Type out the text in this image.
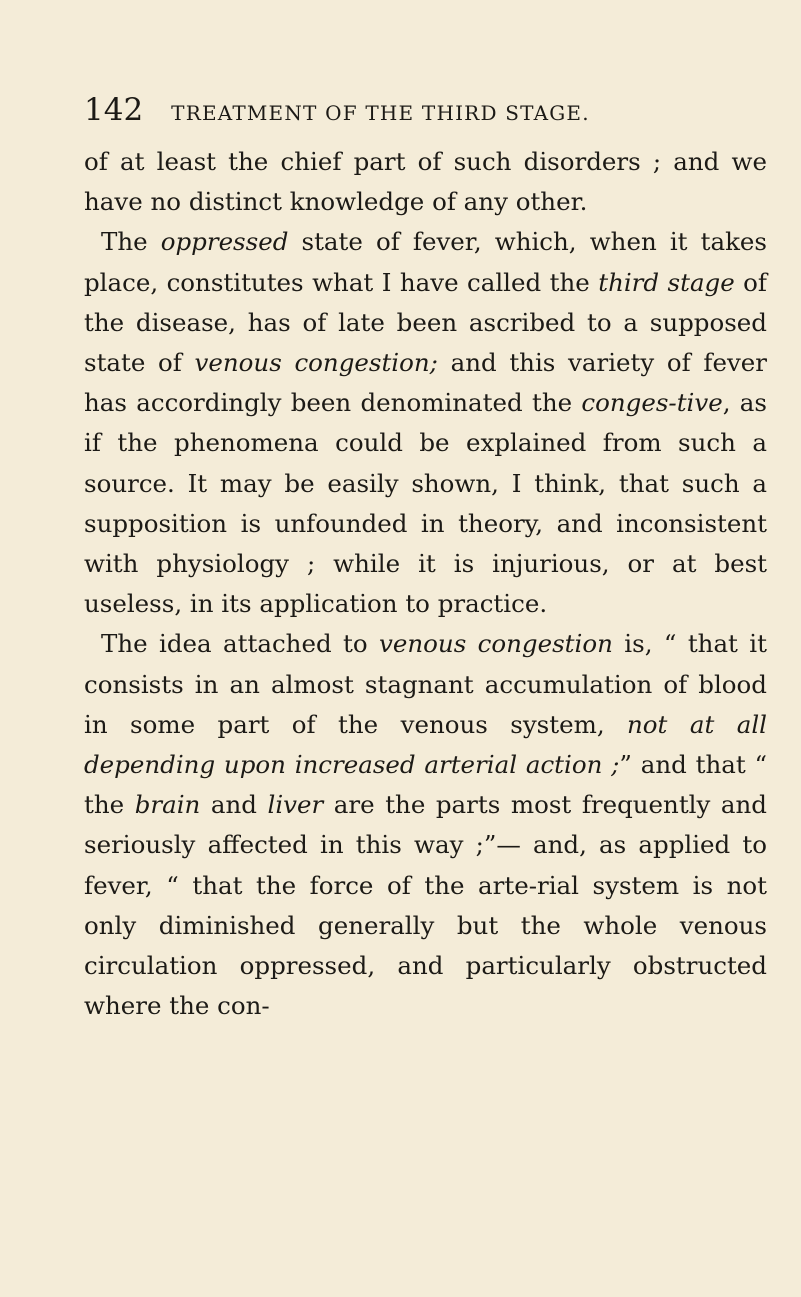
142 TREATMENT OF THE THIRD STAGE.

of at least the chief part of such disorders ; and we have no distinct knowledge of any other.

The oppressed state of fever, which, when it takes place, constitutes what I have called the third stage of the disease, has of late been ascribed to a supposed state of venous congestion; and this variety of fever has accordingly been denominated the conges-tive, as if the phenomena could be explained from such a source. It may be easily shown, I think, that such a supposition is unfounded in theory, and inconsistent with physiology ; while it is injurious, or at best useless, in its application to practice.

The idea attached to venous congestion is, “ that it consists in an almost stagnant accumulation of blood in some part of the venous system, not at all depending upon increased arterial action ;” and that “ the brain and liver are the parts most frequently and seriously affected in this way ;”— and, as applied to fever, “ that the force of the arte-rial system is not only diminished generally but the whole venous circulation oppressed, and particularly obstructed where the con-
